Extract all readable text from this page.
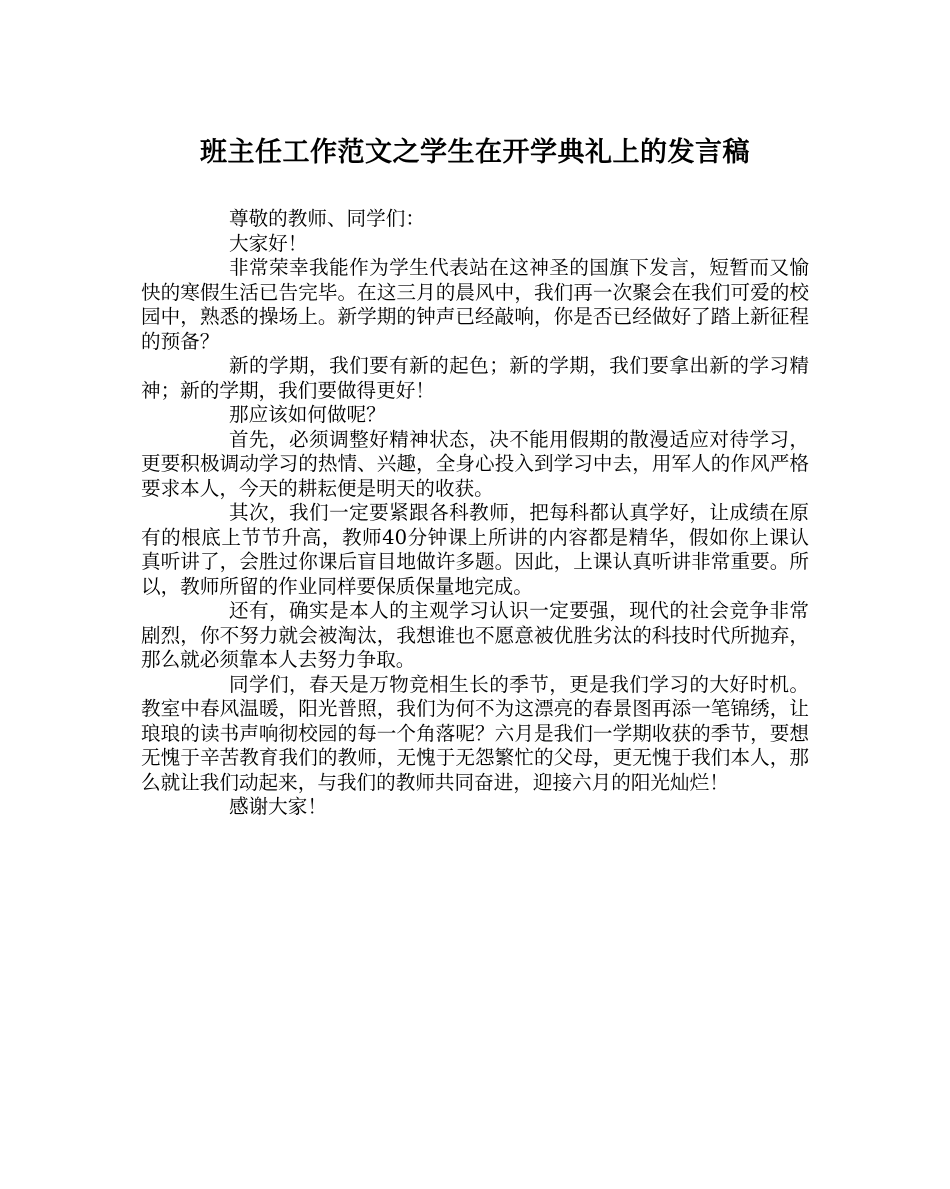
班主任工作范文之学生在开学典礼上的发言稿

尊敬的教师、同学们：

大家好！

非常荣幸我能作为学生代表站在这神圣的国旗下发言，短暂而又愉快的寒假生活已告完毕。在这三月的晨风中，我们再一次聚会在我们可爱的校园中，熟悉的操场上。新学期的钟声已经敲响，你是否已经做好了踏上新征程的预备？

新的学期，我们要有新的起色；新的学期，我们要拿出新的学习精神；新的学期，我们要做得更好！

那应该如何做呢？

首先，必须调整好精神状态，决不能用假期的散漫适应对待学习，更要积极调动学习的热情、兴趣，全身心投入到学习中去，用军人的作风严格要求本人，今天的耕耘便是明天的收获。

其次，我们一定要紧跟各科教师，把每科都认真学好，让成绩在原有的根底上节节升高，教师40分钟课上所讲的内容都是精华，假如你上课认真听讲了，会胜过你课后盲目地做许多题。因此，上课认真听讲非常重要。所以，教师所留的作业同样要保质保量地完成。

还有，确实是本人的主观学习认识一定要强，现代的社会竞争非常剧烈，你不努力就会被淘汰，我想谁也不愿意被优胜劣汰的科技时代所抛弃，那么就必须靠本人去努力争取。

同学们，春天是万物竞相生长的季节，更是我们学习的大好时机。教室中春风温暖，阳光普照，我们为何不为这漂亮的春景图再添一笔锦绣，让琅琅的读书声响彻校园的每一个角落呢？六月是我们一学期收获的季节，要想无愧于辛苦教育我们的教师，无愧于无怨繁忙的父母，更无愧于我们本人，那么就让我们动起来，与我们的教师共同奋进，迎接六月的阳光灿烂！

感谢大家！
